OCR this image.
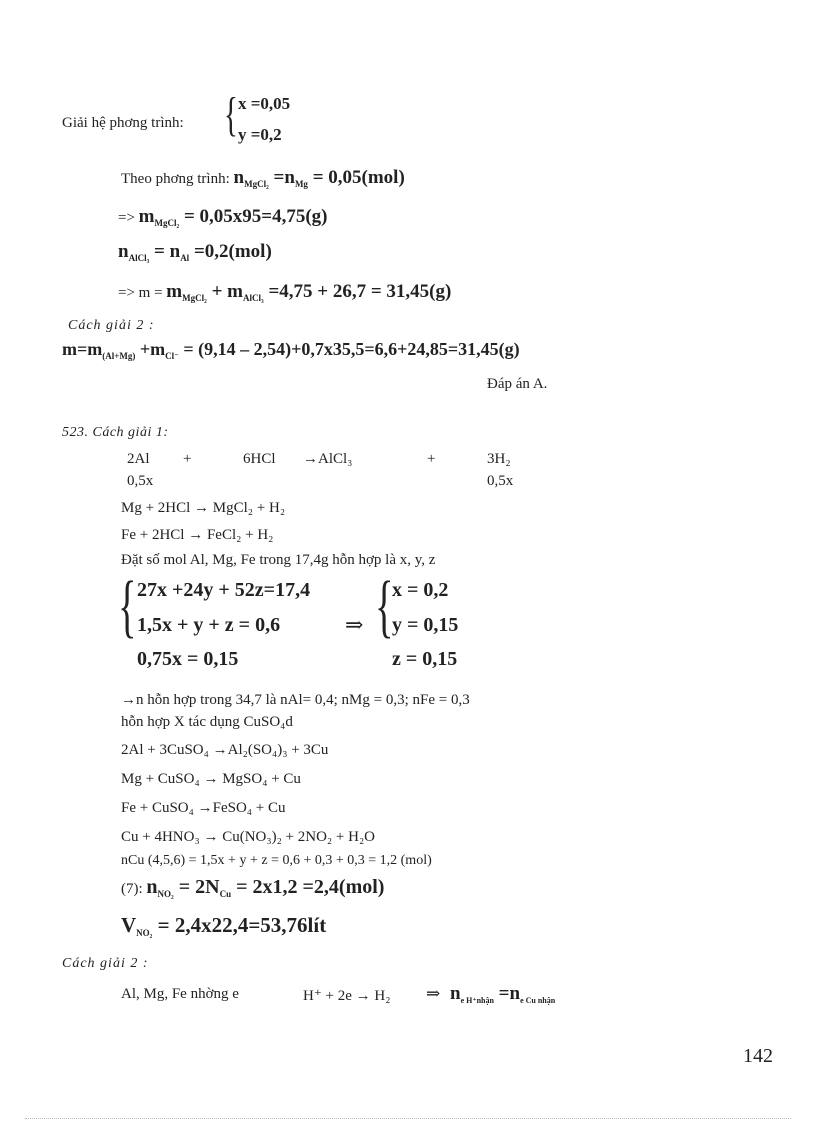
Giải hệ phơng trình: { x =0,05
y =0,2
Theo phơng trình: $n_{MgCl_2} =n_{Mg} = 0,05(mol)$
=> $m_{MgCl_2} = 0,05x95=4,75(g)$
$n_{AlCl_3} = n_{Al} =0,2(mol)$
=> $m = m_{MgCl_2} + m_{AlCl_3} =4,75 + 26,7 = 31,45(g)$
Cách giải 2 :
$m=m_{(Al+Mg)} +m_{Cl^-} = (9,14 - 2,54)+0,7x35,5=6,6+24,85=31,45(g)$
Đáp án A.
523. Cách giải 1:
2Al +	6HCl →AlCl₃	+	3H₂
0,5x	0,5x
Mg + 2HCl → MgCl₂ + H₂
Fe + 2HCl → FeCl₂ + H₂
Đặt số mol Al, Mg, Fe trong 17,4g hỗn hợp là x, y, z
{ 27x +24y + 52z=17,4
1,5x + y + z = 0,6
0,75x = 0,15
⇒ {
x = 0,2
y = 0,15
z = 0,15
→n hỗn hợp trong 34,7 là nAl= 0,4; nMg = 0,3; nFe = 0,3
hỗn hợp X tác dụng CuSO₄d
2Al + 3CuSO₄ →Al₂(SO₄)₃ + 3Cu
Mg + CuSO₄ → MgSO₄ + Cu
Fe + CuSO₄ →FeSO₄ + Cu
Cu + 4HNO₃ → Cu(NO₃)₂ + 2NO₂ + H₂O
nCu (4,5,6) = 1,5x + y + z = 0,6 + 0,3 + 0,3 = 1,2 (mol)
(7): $n_{NO_2} = 2N_{Cu} = 2x1,2 =2,4(mol)$
$V_{NO_2}$ = 2,4x22,4=53,76lít
Cách giải 2 :
Al, Mg, Fe nhờng e	H⁺ + 2e → H₂ ⇒ $n_{e H^+nhận} =n_{e Cu nhận}$
142
